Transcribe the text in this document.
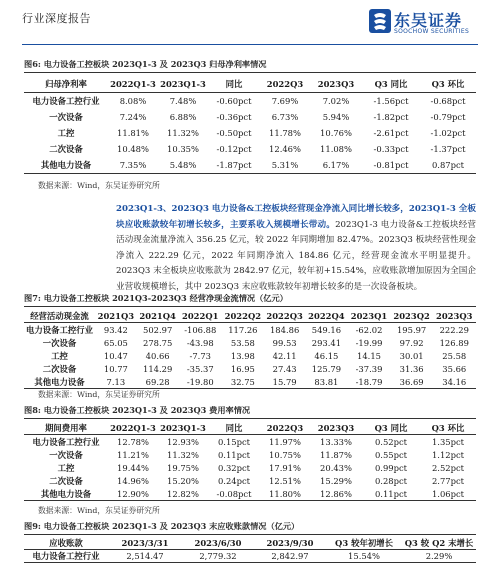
行业深度报告	东吴证券
SOOCHOW SECURITIES
图6: 电力设备工控板块 2023Q1-3 及 2023Q3 归母净利率情况
归母净利率	2022Q1-3	2023Q1-3	同比	2022Q3	2023Q3	Q3 同比	Q3 环比
电力设备工控行业	8.08%	7.48%	-0.60pct	7.69%	7.02%	-1.56pct	-0.68pct
一次设备	7.24%	6.88%	-0.36pct	6.73%	5.94%	-1.82pct	-0.79pct
工控	11.81%	11.32%	-0.50pct	11.78%	10.76%	-2.61pct	-1.02pct
二次设备	10.48%	10.35%	-0.12pct	12.46%	11.08%	-0.33pct	-1.37pct
其他电力设备	7.35%	5.48%	-1.87pct	5.31%	6.17%	-0.81pct	0.87pct
数据来源：Wind，东吴证券研究所
2023Q1-3、2023Q3 电力设备&工控板块经营现金净流入同比增长较多，2023Q1-3 全板块应收账款较年初增长较多，主要系收入规模增长带动。2023Q1-3 电力设备&工控板块经营活动现金流量净流入 356.25 亿元，较 2022 年同期增加 82.47%。2023Q3 板块经营性现金净流入 222.29 亿元，2022 年同期净流入 184.86 亿元，经营现金流水平明显提升。2023Q3 末全板块应收账款为 2842.97 亿元，较年初+15.54%，应收账款增加原因为全国企业营收规模增长，其中 2023Q3 末应收账款较年初增长较多的是一次设备板块。
图7: 电力设备工控板块 2021Q3-2023Q3 经营净现金流情况（亿元）
经营活动现金流	2021Q3	2021Q4	2022Q1	2022Q2	2022Q3	2022Q4	2023Q1	2023Q2	2023Q3
电力设备工控行业	93.42	502.97	-106.88	117.26	184.86	549.16	-62.02	195.97	222.29
一次设备	65.05	278.75	-43.98	53.58	99.53	293.41	-19.99	97.92	126.89
工控	10.47	40.66	-7.73	13.98	42.11	46.15	14.15	30.01	25.58
二次设备	10.77	114.29	-35.37	16.95	27.43	125.79	-37.39	31.36	35.66
其他电力设备	7.13	69.28	-19.80	32.75	15.79	83.81	-18.79	36.69	34.16
数据来源：Wind，东吴证券研究所
图8: 电力设备工控板块 2023Q1-3 及 2023Q3 费用率情况
期间费用率	2022Q1-3	2023Q1-3	同比	2022Q3	2023Q3	Q3 同比	Q3 环比
电力设备工控行业	12.78%	12.93%	0.15pct	11.97%	13.33%	0.52pct	1.35pct
一次设备	11.21%	11.32%	0.11pct	10.75%	11.87%	0.55pct	1.12pct
工控	19.44%	19.75%	0.32pct	17.91%	20.43%	0.99pct	2.52pct
二次设备	14.96%	15.20%	0.24pct	12.51%	15.29%	0.28pct	2.77pct
其他电力设备	12.90%	12.82%	-0.08pct	11.80%	12.86%	0.11pct	1.06pct
数据来源：Wind，东吴证券研究所
图9: 电力设备工控板块 2023Q1-3 及 2023Q3 末应收账款情况（亿元）
应收账款	2023/3/31	2023/6/30	2023/9/30	Q3 较年初增长	Q3 较 Q2 末增长
电力设备工控行业	2,514.47	2,779.32	2,842.97	15.54%	2.29%
